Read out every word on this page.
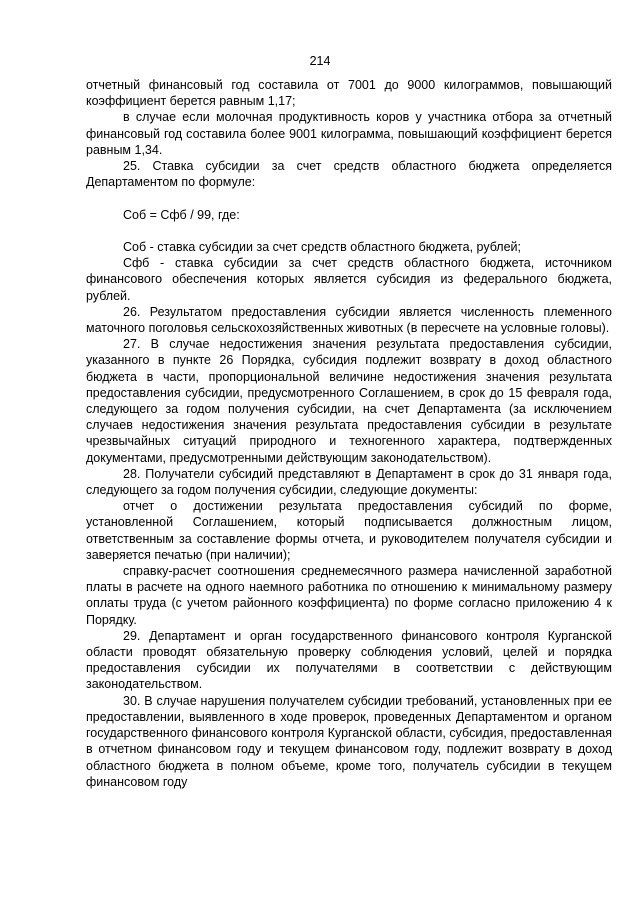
214

отчетный финансовый год составила от 7001 до 9000 килограммов, повышающий коэффициент берется равным 1,17;

в случае если молочная продуктивность коров у участника отбора за отчетный финансовый год составила более 9001 килограмма, повышающий коэффициент берется равным 1,34.

25. Ставка субсидии за счет средств областного бюджета определяется Департаментом по формуле:

Соб = Сфб / 99, где:

Соб - ставка субсидии за счет средств областного бюджета, рублей;

Сфб - ставка субсидии за счет средств областного бюджета, источником финансового обеспечения которых является субсидия из федерального бюджета, рублей.

26. Результатом предоставления субсидии является численность племенного маточного поголовья сельскохозяйственных животных (в пересчете на условные головы).

27. В случае недостижения значения результата предоставления субсидии, указанного в пункте 26 Порядка, субсидия подлежит возврату в доход областного бюджета в части, пропорциональной величине недостижения значения результата предоставления субсидии, предусмотренного Соглашением, в срок до 15 февраля года, следующего за годом получения субсидии, на счет Департамента (за исключением случаев недостижения значения результата предоставления субсидии в результате чрезвычайных ситуаций природного и техногенного характера, подтвержденных документами, предусмотренными действующим законодательством).

28. Получатели субсидий представляют в Департамент в срок до 31 января года, следующего за годом получения субсидии, следующие документы:

отчет о достижении результата предоставления субсидий по форме, установленной Соглашением, который подписывается должностным лицом, ответственным за составление формы отчета, и руководителем получателя субсидии и заверяется печатью (при наличии);

справку-расчет соотношения среднемесячного размера начисленной заработной платы в расчете на одного наемного работника по отношению к минимальному размеру оплаты труда (с учетом районного коэффициента) по форме согласно приложению 4 к Порядку.

29. Департамент и орган государственного финансового контроля Курганской области проводят обязательную проверку соблюдения условий, целей и порядка предоставления субсидии их получателями в соответствии с действующим законодательством.

30. В случае нарушения получателем субсидии требований, установленных при ее предоставлении, выявленного в ходе проверок, проведенных Департаментом и органом государственного финансового контроля Курганской области, субсидия, предоставленная в отчетном финансовом году и текущем финансовом году, подлежит возврату в доход областного бюджета в полном объеме, кроме того, получатель субсидии в текущем финансовом году
